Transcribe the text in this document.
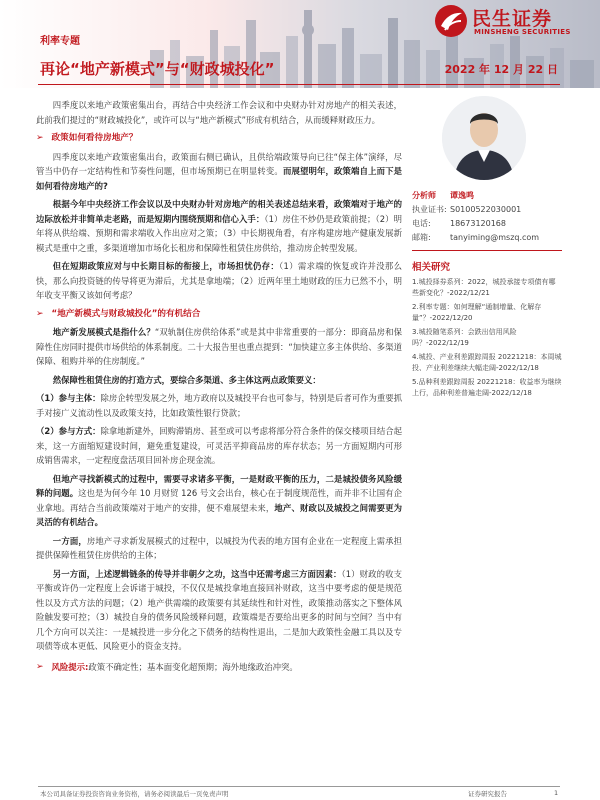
民生证券
MINSHENG SECURITIES
利率专题
再论“地产新模式”与“财政城投化”	2022 年 12 月 22 日

四季度以来地产政策密集出台，再结合中央经济工作会议和中央财办针对房地产的相关表述，此前我们提过的“财政城投化”，或许可以与“地产新模式”形成有机结合，从而缓释财政压力。

➢ 政策如何看待房地产？

四季度以来地产政策密集出台，政策面右侧已确认，且供给端政策导向已往“保主体”演绎，尽管当中仍存一定结构性和节奏性问题，但市场预期已在明显转变。而展望明年，政策端自上而下是如何看待房地产的?

根据今年中央经济工作会议以及中央财办针对房地产的相关表述总结来看，政策端对于地产的边际放松并非简单走老路，而是短期内围绕预期和信心入手：（1）房住不炒仍是政策前提；（2）明年将从供给端、预期和需求端收入作出应对之策；（3）中长期视角看，有序构建房地产健康发展新模式是重中之重，多渠道增加市场化长租房和保障性租赁住房供给，推动房企转型发展。

但在短期政策应对与中长期目标的衔接上，市场担忧仍存：（1）需求端的恢复或许并没那么快，那么向投资链的传导将更为滞后，尤其是拿地端；（2）近两年里土地财政的压力已然不小，明年收支平衡又该如何考虑？

➢ “地产新模式与财政城投化”的有机结合

地产新发展模式是指什么？“双轨制住房供给体系”或是其中非常重要的一部分：即商品房和保障性住房同时提供市场供给的体系制度。二十大报告里也重点提到：“加快建立多主体供给、多渠道保障、租购并举的住房制度。”

然保障性租赁住房的打造方式，要综合多渠道、多主体这两点政策要义：

（1）参与主体：除房企转型发展之外，地方政府以及城投平台也可参与，特别是后者可作为重要抓手对接广义流动性以及政策支持，比如政策性银行贷款；

（2）参与方式：除拿地新建外，回购滞销房、甚至或可以考虑将部分符合条件的保交楼项目结合起来，这一方面缩短建设时间，避免重复建设，可灵活平抑商品房的库存状态；另一方面短期内可形成销售需求，一定程度盘活项目回补房企现金流。

但地产寻找新模式的过程中，需要寻求诸多平衡，一是财政平衡的压力，二是城投债务风险缓释的问题。这也是为何今年 10 月财贸 126 号文会出台，核心在于制度规范性，而并非不让国有企业拿地。再结合当前政策端对于地产的安排，便不难展望未来，地产、财政以及城投之间需要更为灵活的有机结合。

一方面，房地产寻求新发展模式的过程中，以城投为代表的地方国有企业在一定程度上需承担提供保障性租赁住房供给的主体；

另一方面，上述逻辑链条的传导并非朝夕之功，这当中还需考虑三方面因素：（1）财政的收支平衡或许仍一定程度上会诉诸于城投，不仅仅是城投拿地直接回补财政，这当中要考虑的便是规范性以及方式方法的问题；（2）地产供需端的政策要有其延续性和针对性，政策推动落实之下整体风险触发要可控；（3）城投自身的债务风险缓释问题，政策端是否要给出更多的时间与空间？当中有几个方向可以关注：一是城投进一步分化之下债务的结构性退出，二是加大政策性金融工具以及专项债等成本更低、风险更小的资金支持。

➢ 风险提示: 政策不确定性；基本面变化超预期；海外地缘政治冲突。
分析师	谭逸鸣
执业证书: S0100522030001
电话:	18673120168
邮箱:	tanyiming@mszq.com
相关研究
1.城投择券系列：2022，城投承接专项债有哪些新变化？-2022/12/21
2.利率专题：如何理解“通制增量、化解存量”？-2022/12/20
3.城投随笔系列：会跌出信用风险吗？-2022/12/19
4.城投、产业利差跟踪周报 20221218：本周城投、产业利差继续大幅走阔-2022/12/18
5.品种利差跟踪周报 20221218：收益率为继续上行，品种利差普遍走阔-2022/12/18
本公司具备证券投资咨询业务资格，请务必阅读最后一页免责声明	证券研究报告	1
